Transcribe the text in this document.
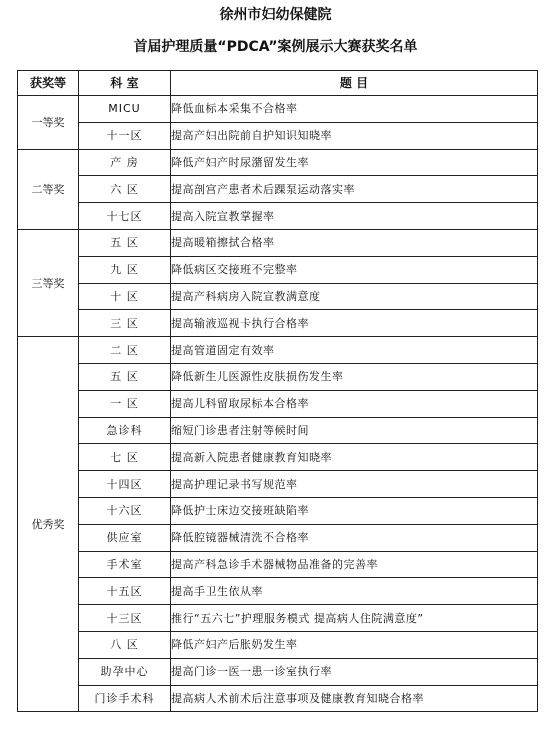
徐州市妇幼保健院
首届护理质量“PDCA”案例展示大赛获奖名单
获奖等	科 室	题 目
一等奖	MICU	降低血标本采集不合格率
	十一区	提高产妇出院前自护知识知晓率
二等奖	产 房	降低产妇产时尿潴留发生率
	六 区	提高剖宫产患者术后踝泵运动落实率
	十七区	提高入院宣教掌握率
三等奖	五 区	提高暖箱擦拭合格率
	九 区	降低病区交接班不完整率
	十 区	提高产科病房入院宣教满意度
	三 区	提高输液巡视卡执行合格率
优秀奖	二 区	提高管道固定有效率
	五 区	降低新生儿医源性皮肤损伤发生率
	一 区	提高儿科留取尿标本合格率
	急诊科	缩短门诊患者注射等候时间
	七 区	提高新入院患者健康教育知晓率
	十四区	提高护理记录书写规范率
	十六区	降低护士床边交接班缺陷率
	供应室	降低腔镜器械清洗不合格率
	手术室	提高产科急诊手术器械物品准备的完善率
	十五区	提高手卫生依从率
	十三区	推行“五六七”护理服务模式 提高病人住院满意度”
	八 区	降低产妇产后胀奶发生率
	助孕中心	提高门诊一医一患一诊室执行率
	门诊手术科	提高病人术前术后注意事项及健康教育知晓合格率
